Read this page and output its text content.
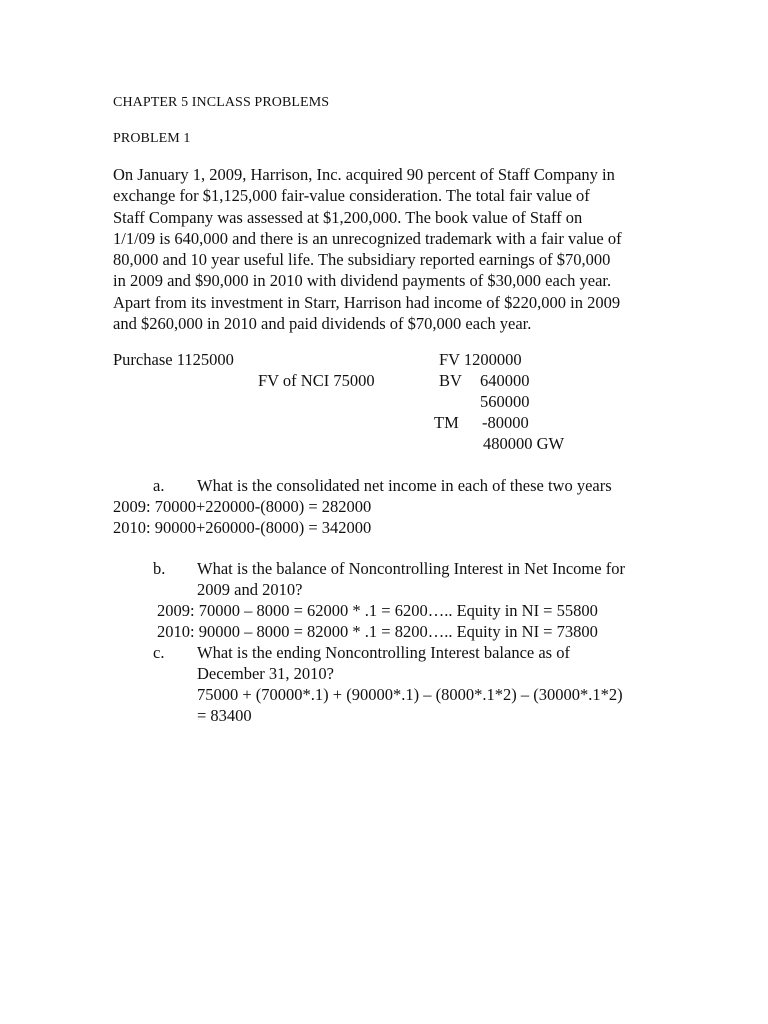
CHAPTER 5 INCLASS PROBLEMS
PROBLEM 1
On January 1, 2009, Harrison, Inc. acquired 90 percent of Staff Company in
exchange for $1,125,000 fair-value consideration. The total fair value of
Staff Company was assessed at $1,200,000. The book value of Staff on
1/1/09 is 640,000 and there is an unrecognized trademark with a fair value of
80,000 and 10 year useful life. The subsidiary reported earnings of $70,000
in 2009 and $90,000 in 2010 with dividend payments of $30,000 each year.
Apart from its investment in Starr, Harrison had income of $220,000 in 2009
and $260,000 in 2010 and paid dividends of $70,000 each year.
Purchase 1125000
FV of NCI 75000
FV 1200000
BV 640000
560000
TM -80000
480000 GW
a. What is the consolidated net income in each of these two years
2009: 70000+220000-(8000) = 282000
2010: 90000+260000-(8000) = 342000
b. What is the balance of Noncontrolling Interest in Net Income for
2009 and 2010?
2009: 70000 – 8000 = 62000 * .1 = 6200….. Equity in NI = 55800
2010: 90000 – 8000 = 82000 * .1 = 8200….. Equity in NI = 73800
c. What is the ending Noncontrolling Interest balance as of
December 31, 2010?
75000 + (70000*.1) + (90000*.1) – (8000*.1*2) – (30000*.1*2)
= 83400
